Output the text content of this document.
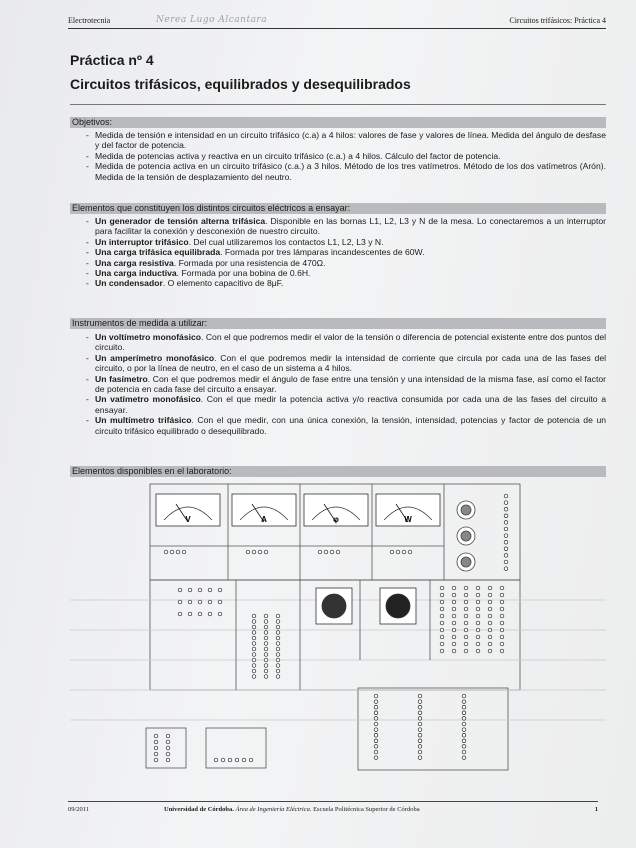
Electrotecnia	Nerea Lugo Alcantara	Circuitos trifásicos: Práctica 4
Práctica nº 4
Circuitos trifásicos, equilibrados y desequilibrados
Objetivos:
- Medida de tensión e intensidad en un circuito trifásico (c.a) a 4 hilos: valores de fase y valores de línea. Medida del ángulo de desfase y del factor de potencia.
- Medida de potencias activa y reactiva en un circuito trifásico (c.a.) a 4 hilos. Cálculo del factor de potencia.
- Medida de potencia activa en un circuito trifásico (c.a.) a 3 hilos. Método de los tres vatímetros. Método de los dos vatímetros (Arón). Medida de la tensión de desplazamiento del neutro.
Elementos que constituyen los distintos circuitos eléctricos a ensayar:
- Un generador de tensión alterna trifásica. Disponible en las bornas L1, L2, L3 y N de la mesa. Lo conectaremos a un interruptor para facilitar la conexión y desconexión de nuestro circuito.
- Un interruptor trifásico. Del cual utilizaremos los contactos L1, L2, L3 y N.
- Una carga trifásica equilibrada. Formada por tres lámparas incandescentes de 60W.
- Una carga resistiva. Formada por una resistencia de 470Ω.
- Una carga inductiva. Formada por una bobina de 0.6H.
- Un condensador. O elemento capacitivo de 8μF.
Instrumentos de medida a utilizar:
- Un voltímetro monofásico. Con el que podremos medir el valor de la tensión o diferencia de potencial existente entre dos puntos del circuito.
- Un amperímetro monofásico. Con el que podremos medir la intensidad de corriente que circula por cada una de las fases del circuito, o por la línea de neutro, en el caso de un sistema a 4 hilos.
- Un fasímetro. Con el que podremos medir el ángulo de fase entre una tensión y una intensidad de la misma fase, así como el factor de potencia en cada fase del circuito a ensayar.
- Un vatímetro monofásico. Con el que medir la potencia activa y/o reactiva consumida por cada una de las fases del circuito a ensayar.
- Un multímetro trifásico. Con el que medir, con una única conexión, la tensión, intensidad, potencias y factor de potencia de un circuito trifásico equilibrado o desequilibrado.
Elementos disponibles en el laboratorio:
V	A	φ	W
09/2011	Universidad de Córdoba. Área de Ingeniería Eléctrica. Escuela Politécnica Superior de Córdoba	1
